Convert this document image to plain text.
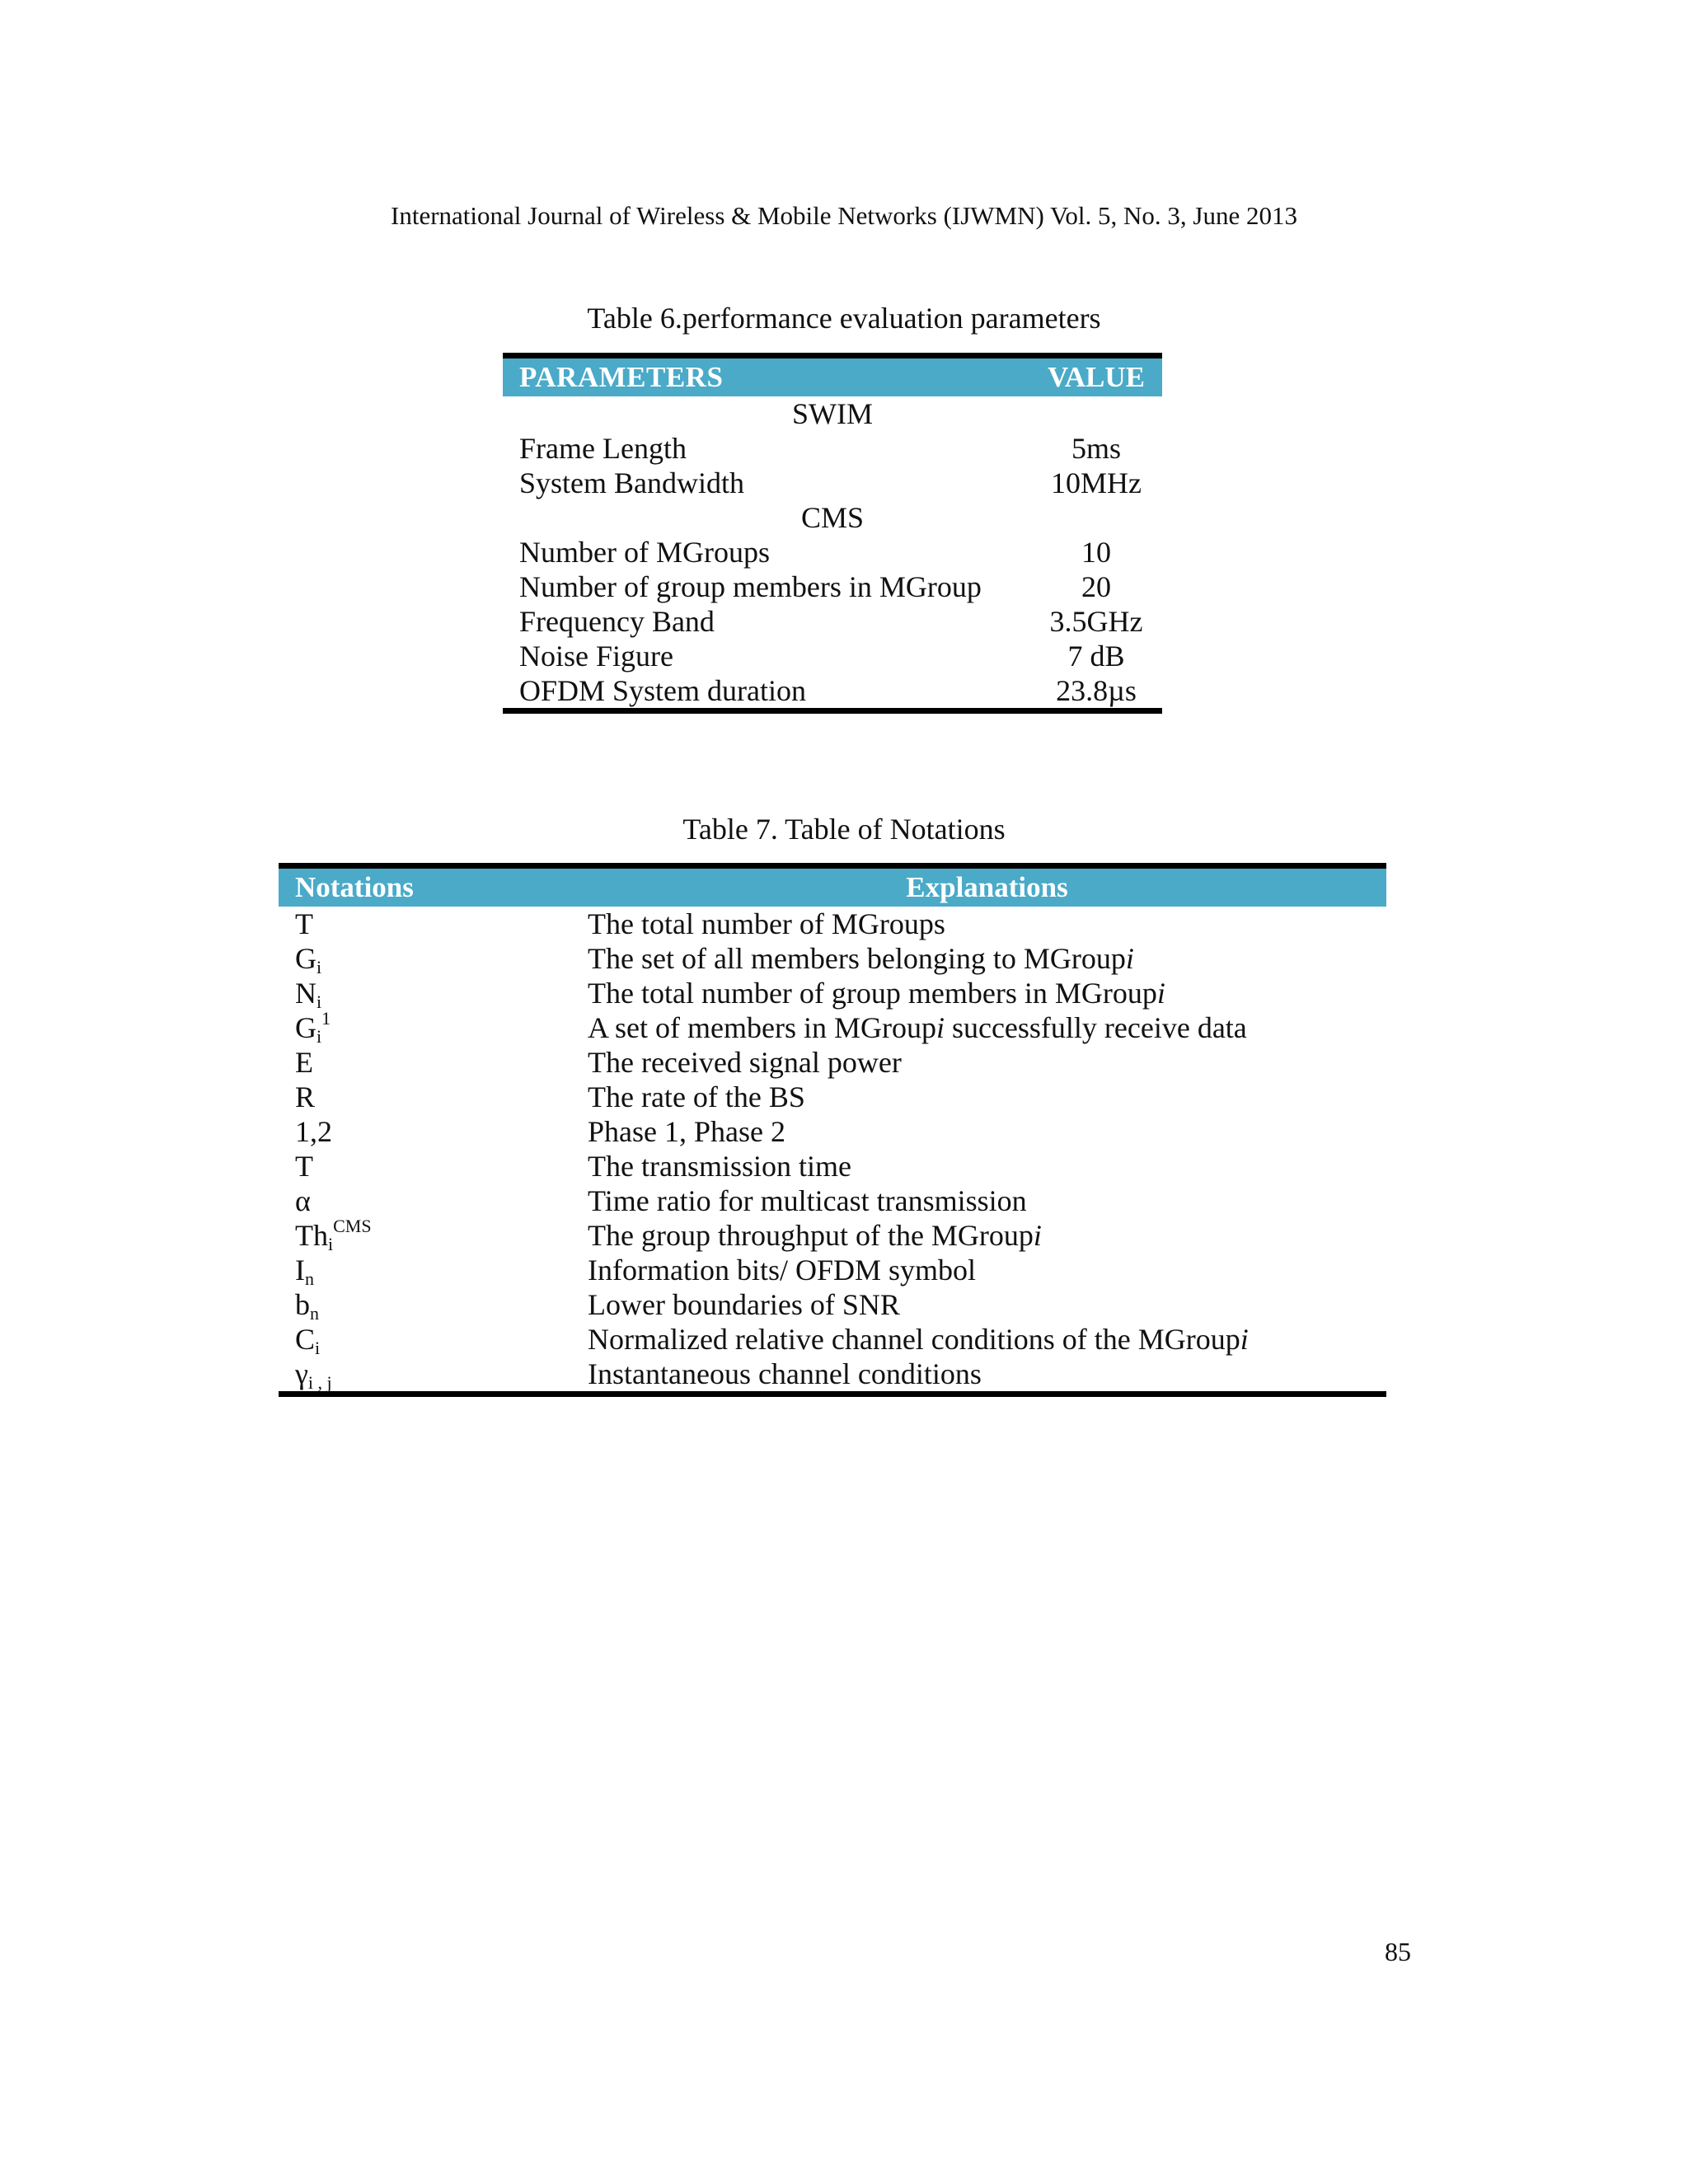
International Journal of Wireless & Mobile Networks (IJWMN) Vol. 5, No. 3, June 2013
Table 6.performance evaluation parameters
PARAMETERS	VALUE
SWIM
Frame Length	5ms
System Bandwidth	10MHz
CMS
Number of MGroups	10
Number of group members in MGroup	20
Frequency Band	3.5GHz
Noise Figure	7 dB
OFDM System duration	23.8µs
Table 7. Table of Notations
Notations	Explanations
T	The total number of MGroups
$G_i$	The set of all members belonging to MGroupi
$N_i$	The total number of group members in MGroupi
$G_i^1$	A set of members in MGroupi successfully receive data
E	The received signal power
R	The rate of the BS
1,2	Phase 1, Phase 2
T	The transmission time
α	Time ratio for multicast transmission
$Th_i^{CMS}$	The group throughput of the MGroupi
$I_n$	Information bits/ OFDM symbol
$b_n$	Lower boundaries of SNR
$C_i$	Normalized relative channel conditions of the MGroupi
$\gamma_{i , j}$	Instantaneous channel conditions
85
